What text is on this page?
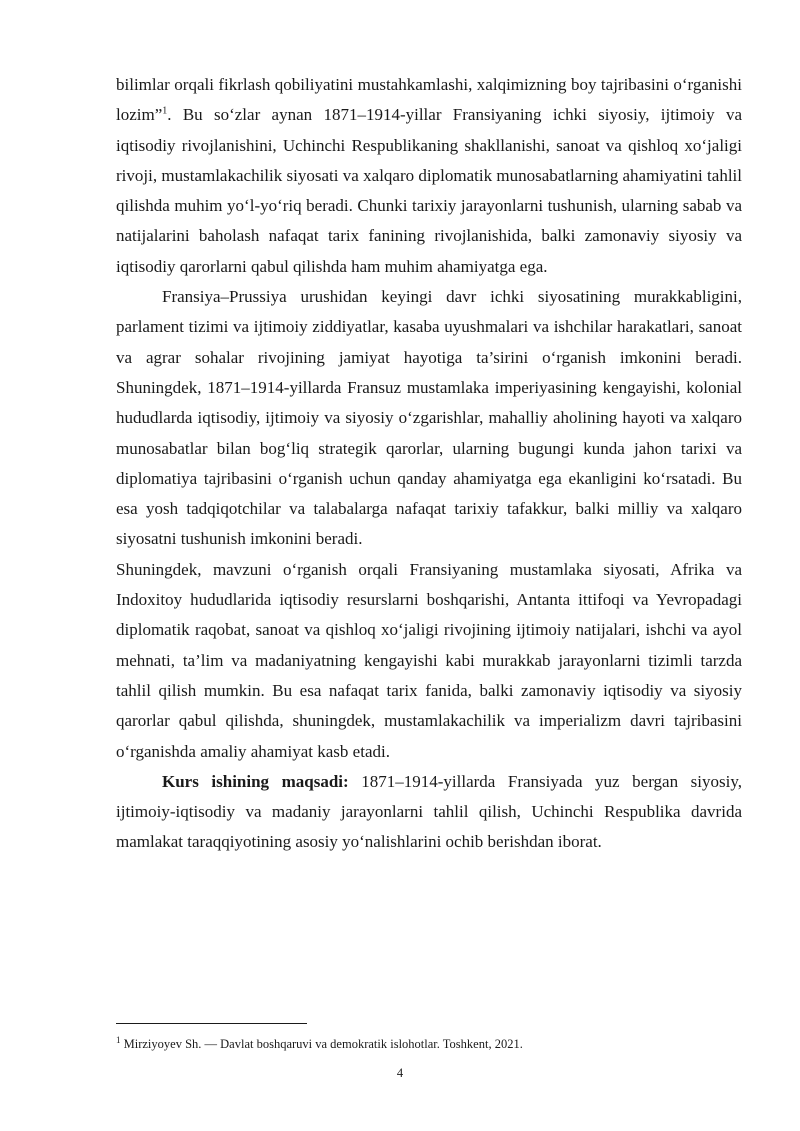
bilimlar orqali fikrlash qobiliyatini mustahkamlashi, xalqimizning boy tajribasini o‘rganishi lozim”$^1$. Bu so‘zlar aynan 1871–1914-yillar Fransiyaning ichki siyosiy, ijtimoiy va iqtisodiy rivojlanishini, Uchinchi Respublikaning shakllanishi, sanoat va qishloq xo‘jaligi rivoji, mustamlakachilik siyosati va xalqaro diplomatik munosabatlarning ahamiyatini tahlil qilishda muhim yo‘l-yo‘riq beradi. Chunki tarixiy jarayonlarni tushunish, ularning sabab va natijalarini baholash nafaqat tarix fanining rivojlanishida, balki zamonaviy siyosiy va iqtisodiy qarorlarni qabul qilishda ham muhim ahamiyatga ega.

Fransiya–Prussiya urushidan keyingi davr ichki siyosatining murakkabligini, parlament tizimi va ijtimoiy ziddiyatlar, kasaba uyushmalari va ishchilar harakatlari, sanoat va agrar sohalar rivojining jamiyat hayotiga ta’sirini o‘rganish imkonini beradi. Shuningdek, 1871–1914-yillarda Fransuz mustamlaka imperiyasining kengayishi, kolonial hududlarda iqtisodiy, ijtimoiy va siyosiy o‘zgarishlar, mahalliy aholining hayoti va xalqaro munosabatlar bilan bog‘liq strategik qarorlar, ularning bugungi kunda jahon tarixi va diplomatiya tajribasini o‘rganish uchun qanday ahamiyatga ega ekanligini ko‘rsatadi. Bu esa yosh tadqiqotchilar va talabalarga nafaqat tarixiy tafakkur, balki milliy va xalqaro siyosatni tushunish imkonini beradi.

Shuningdek, mavzuni o‘rganish orqali Fransiyaning mustamlaka siyosati, Afrika va Indoxitoy hududlarida iqtisodiy resurslarni boshqarishi, Antanta ittifoqi va Yevropadagi diplomatik raqobat, sanoat va qishloq xo‘jaligi rivojining ijtimoiy natijalari, ishchi va ayol mehnati, ta’lim va madaniyatning kengayishi kabi murakkab jarayonlarni tizimli tarzda tahlil qilish mumkin. Bu esa nafaqat tarix fanida, balki zamonaviy iqtisodiy va siyosiy qarorlar qabul qilishda, shuningdek, mustamlakachilik va imperializm davri tajribasini o‘rganishda amaliy ahamiyat kasb etadi.

Kurs ishining maqsadi: 1871–1914-yillarda Fransiyada yuz bergan siyosiy, ijtimoiy-iqtisodiy va madaniy jarayonlarni tahlil qilish, Uchinchi Respublika davrida mamlakat taraqqiyotining asosiy yo‘nalishlarini ochib berishdan iborat.

$^1$ Mirziyoyev Sh. — Davlat boshqaruvi va demokratik islohotlar. Toshkent, 2021.
4
